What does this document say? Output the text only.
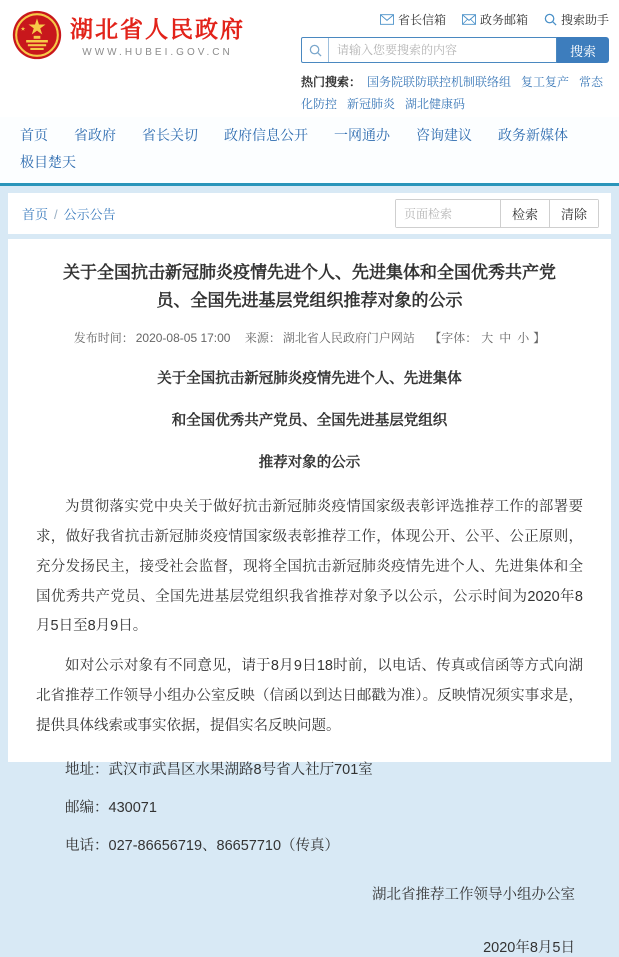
湖北省人民政府
WWW.HUBEI.GOV.CN
省长信箱	政务邮箱	搜索助手
请输入您要搜索的内容
搜索
热门搜索： 国务院联防联控机制联络组 复工复产 常态化防控 新冠肺炎 湖北健康码
首页 省政府 省长关切 政府信息公开 一网通办 咨询建议 政务新媒体极目楚天
首页 / 公示公告
页面检索	检索	清除
关于全国抗击新冠肺炎疫情先进个人、先进集体和全国优秀共产党员、全国先进基层党组织推荐对象的公示
发布时间： 2020-08-05 17:00 来源： 湖北省人民政府门户网站 【字体： 大 中 小 】
关于全国抗击新冠肺炎疫情先进个人、先进集体
和全国优秀共产党员、全国先进基层党组织
推荐对象的公示

为贯彻落实党中央关于做好抗击新冠肺炎疫情国家级表彰评选推荐工作的部署要求，做好我省抗击新冠肺炎疫情国家级表彰推荐工作，体现公开、公平、公正原则，充分发扬民主，接受社会监督，现将全国抗击新冠肺炎疫情先进个人、先进集体和全国优秀共产党员、全国先进基层党组织我省推荐对象予以公示，公示时间为2020年8月5日至8月9日。

如对公示对象有不同意见，请于8月9日18时前，以电话、传真或信函等方式向湖北省推荐工作领导小组办公室反映（信函以到达日邮戳为准）。反映情况须实事求是，提供具体线索或事实依据，提倡实名反映问题。

地址：武汉市武昌区水果湖路8号省人社厅701室
邮编：430071
电话：027-86656719、86657710（传真）
湖北省推荐工作领导小组办公室
2020年8月5日
